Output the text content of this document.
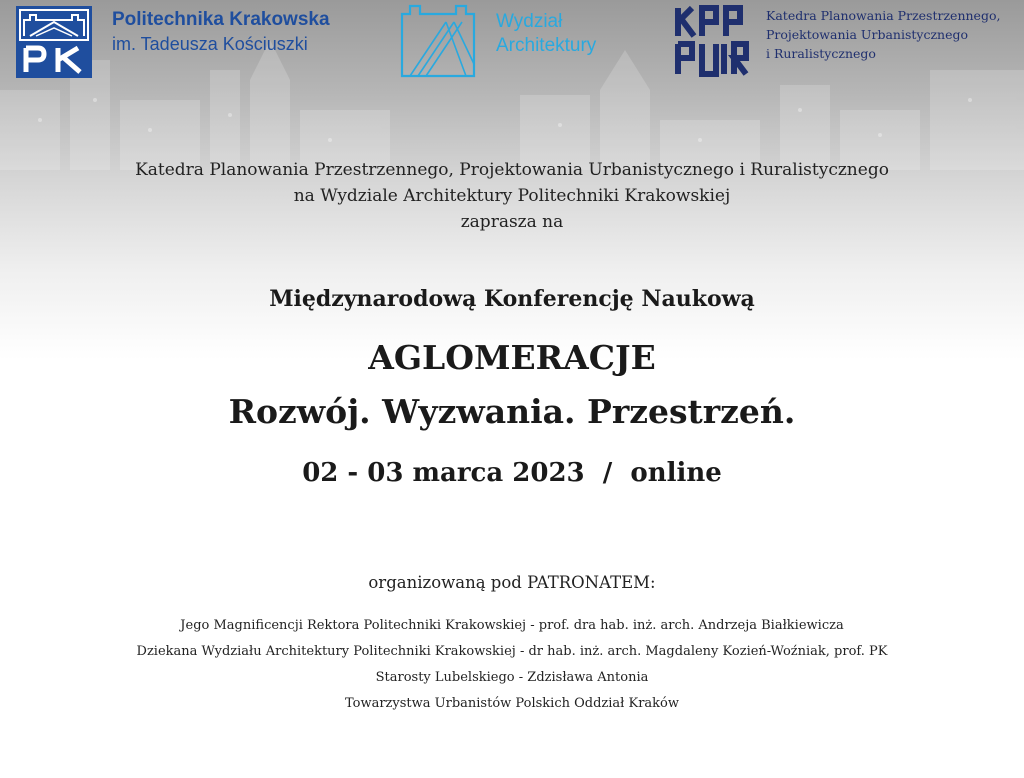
Politechnika Krakowska
im. Tadeusza Kościuszki
Wydział
Architektury
Katedra Planowania Przestrzennego,
Projektowania Urbanistycznego
i Ruralistycznego
Katedra Planowania Przestrzennego, Projektowania Urbanistycznego i Ruralistycznego
na Wydziale Architektury Politechniki Krakowskiej
zaprasza na
Międzynarodową Konferencję Naukową
AGLOMERACJE
Rozwój. Wyzwania. Przestrzeń.
02 - 03 marca 2023  /  online
organizowaną pod PATRONATEM:
Jego Magnificencji Rektora Politechniki Krakowskiej - prof. dra hab. inż. arch. Andrzeja Białkiewicza
Dziekana Wydziału Architektury Politechniki Krakowskiej - dr hab. inż. arch. Magdaleny Kozień-Woźniak, prof. PK
Starosty Lubelskiego - Zdzisława Antonia
Towarzystwa Urbanistów Polskich Oddział Kraków
